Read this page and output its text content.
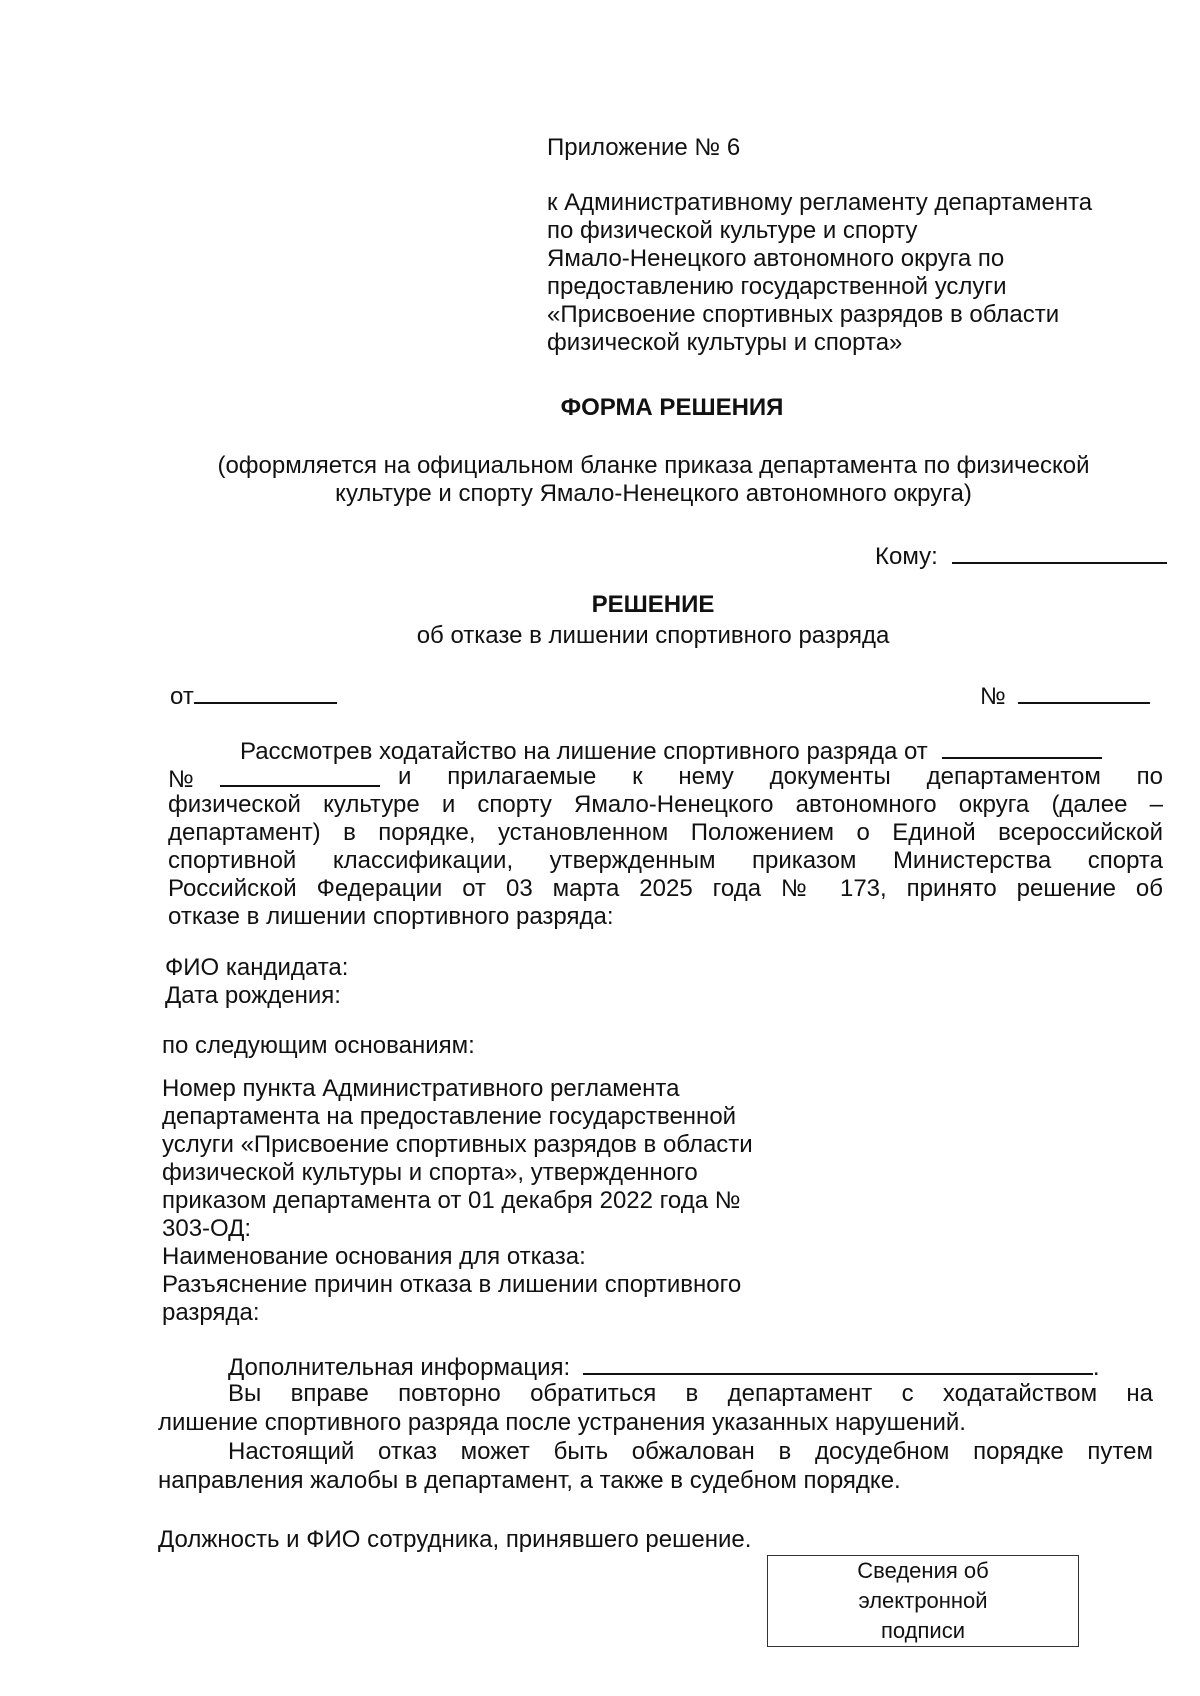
Приложение № 6
к Административному регламенту департамента
по физической культуре и спорту
Ямало-Ненецкого автономного округа по
предоставлению государственной услуги
«Присвоение спортивных разрядов в области
физической культуры и спорта»
ФОРМА РЕШЕНИЯ
(оформляется на официальном бланке приказа департамента по физической
культуре и спорту Ямало-Ненецкого автономного округа)
Кому:
РЕШЕНИЕ
об отказе в лишении спортивного разряда
от	№
Рассмотрев ходатайство на лишение спортивного разряда от
№	и прилагаемые к нему документы департаментом по
физической культуре и спорту Ямало-Ненецкого автономного округа (далее –
департамент) в порядке, установленном Положением о Единой всероссийской
спортивной классификации, утвержденным приказом Министерства спорта
Российской Федерации от 03 марта 2025 года № 173, принято решение об
отказе в лишении спортивного разряда:
ФИО кандидата:
Дата рождения:
по следующим основаниям:
Номер пункта Административного регламента
департамента на предоставление государственной
услуги «Присвоение спортивных разрядов в области
физической культуры и спорта», утвержденного
приказом департамента от 01 декабря 2022 года №
303-ОД:
Наименование основания для отказа:
Разъяснение причин отказа в лишении спортивного
разряда:
Дополнительная информация:	.
Вы вправе повторно обратиться в департамент с ходатайством на
лишение спортивного разряда после устранения указанных нарушений.
Настоящий отказ может быть обжалован в досудебном порядке путем
направления жалобы в департамент, а также в судебном порядке.
Должность и ФИО сотрудника, принявшего решение.
Сведения об
электронной
подписи
